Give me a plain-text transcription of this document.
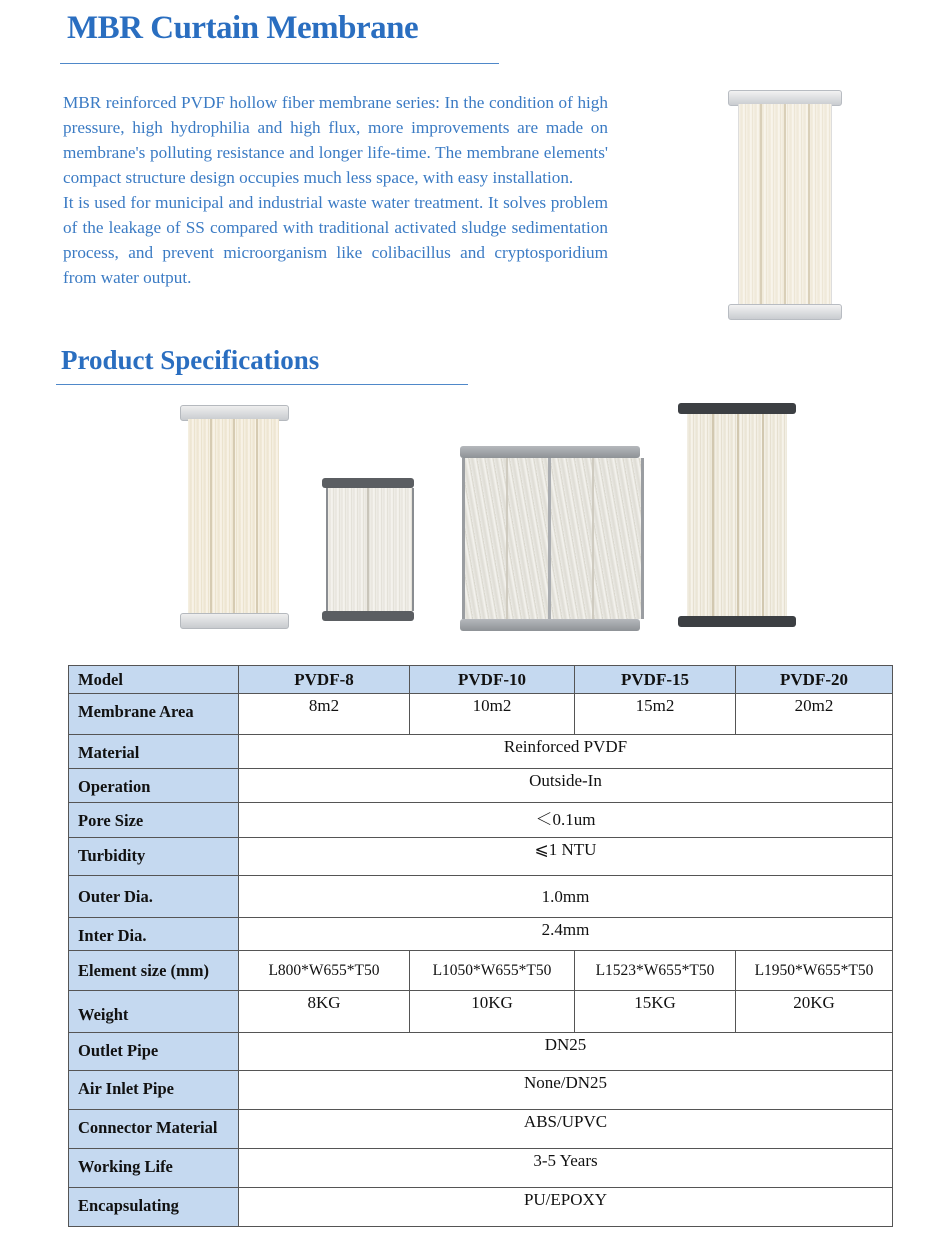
MBR Curtain Membrane

MBR reinforced PVDF hollow fiber membrane series: In the condition of high pressure, high hydrophilia and high flux, more improvements are made on membrane's polluting resistance and longer life-time. The membrane elements' compact structure design occupies much less space, with easy installation.

It is used for municipal and industrial waste water treatment. It solves problem of the leakage of SS compared with traditional activated sludge sedimentation process, and prevent microorganism like colibacillus and cryptosporidium from water output.

Product Specifications
Model	PVDF-8	PVDF-10	PVDF-15	PVDF-20
Membrane Area	8m2	10m2	15m2	20m2
Material	Reinforced PVDF			
Operation	Outside-In			
Pore Size	＜0.1um			
Turbidity	⩽1 NTU			
Outer Dia.	1.0mm			
Inter Dia.	2.4mm			
Element size (mm)	L800*W655*T50	L1050*W655*T50	L1523*W655*T50	L1950*W655*T50
Weight	8KG	10KG	15KG	20KG
Outlet Pipe	DN25			
Air Inlet Pipe	None/DN25			
Connector Material	ABS/UPVC			
Working Life	3-5 Years			
Encapsulating	PU/EPOXY			
